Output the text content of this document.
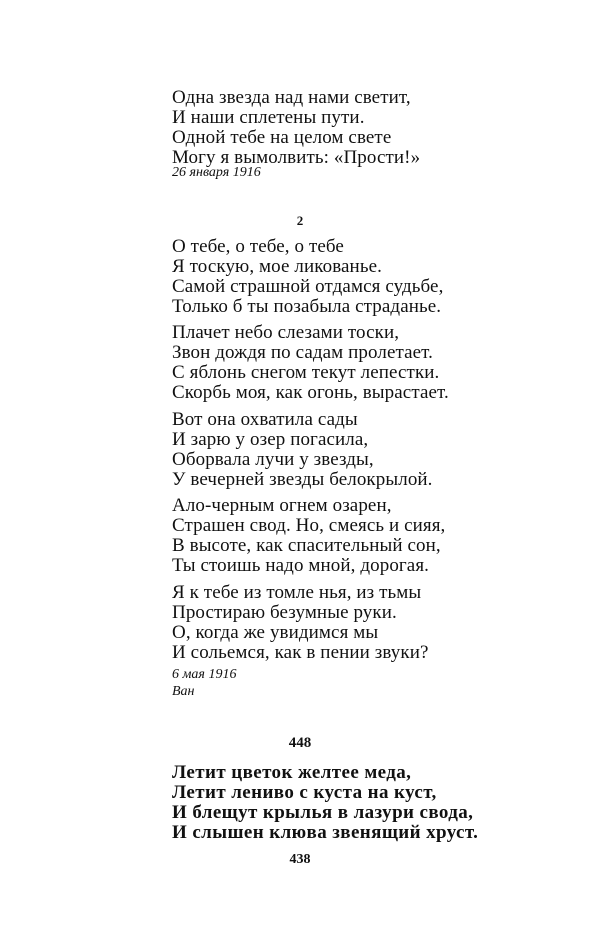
Одна звезда над нами светит,
И наши сплетены пути.
Одной тебе на целом свете
Могу я вымолвить: «Прости!»
26 января 1916
2
О тебе, о тебе, о тебе
Я тоскую, мое ликованье.
Самой страшной отдамся судьбе,
Только б ты позабыла страданье.
Плачет небо слезами тоски,
Звон дождя по садам пролетает.
С яблонь снегом текут лепестки.
Скорбь моя, как огонь, вырастает.
Вот она охватила сады
И зарю у озер погасила,
Оборвала лучи у звезды,
У вечерней звезды белокрылой.
Ало-черным огнем озарен,
Страшен свод. Но, смеясь и сияя,
В высоте, как спасительный сон,
Ты стоишь надо мной, дорогая.
Я к тебе из томле нья, из тьмы
Простираю безумные руки.
О, когда же увидимся мы
И сольемся, как в пении звуки?
6 мая 1916
Ван
448
Летит цветок желтее меда,
Летит лениво с куста на куст,
И блещут крылья в лазури свода,
И слышен клюва звенящий хруст.
438
